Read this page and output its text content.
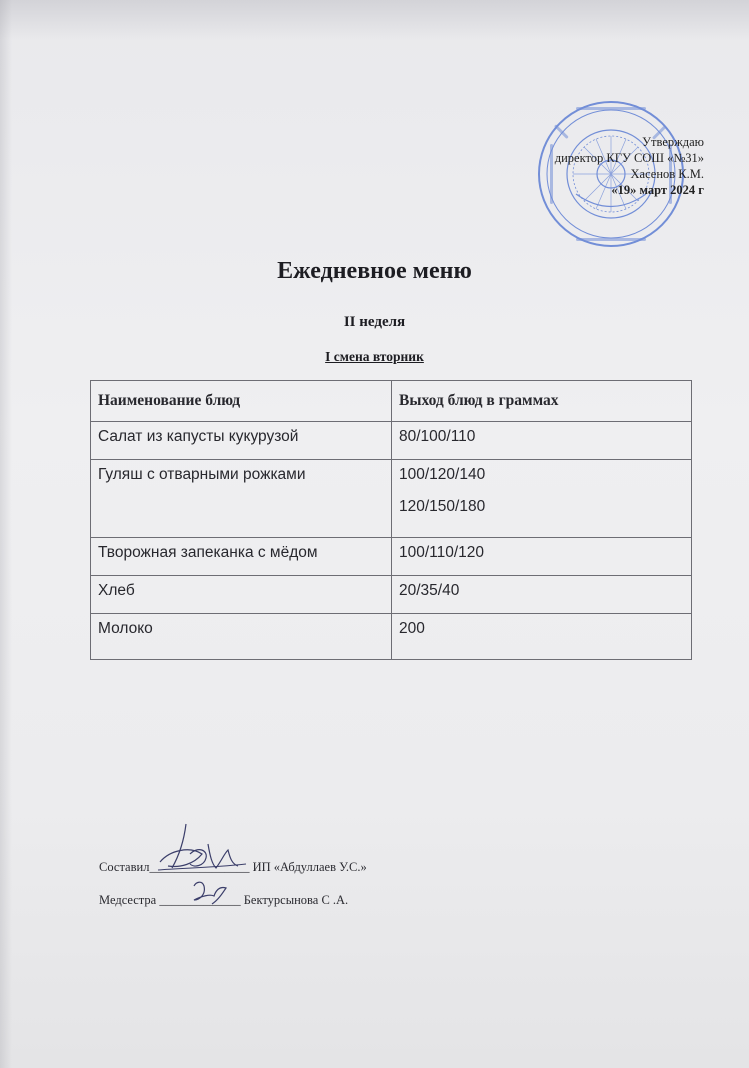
Утверждаю
директор КГУ СОШ «№31»
Хасенов К.М.
«19» март 2024 г
Ежедневное меню
II неделя
I смена вторник
Наименование блюд	Выход блюд в граммах

Салат из капусты кукурузой	80/100/110

Гуляш с отварными рожками	100/120/140
120/150/180

Творожная запеканка с мёдом	100/110/120

Хлеб	20/35/40

Молоко	200
Составил________________ ИП «Абдуллаев У.С.»
Медсестра _____________ Бектурсынова С .А.
